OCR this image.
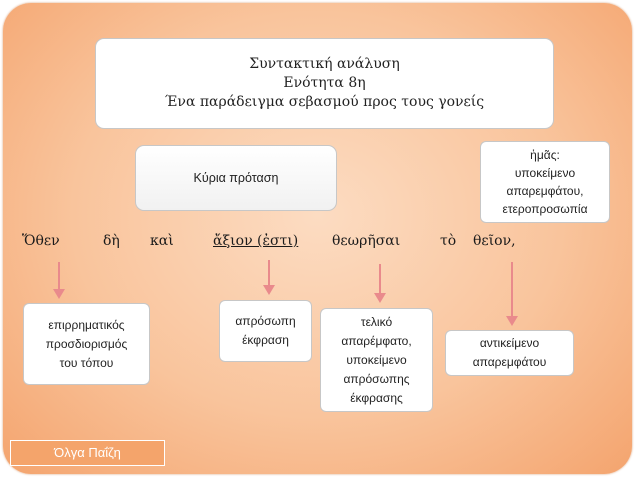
Συντακτική ανάλυση
Ενότητα 8η
Ένα παράδειγμα σεβασμού προς τους γονείς
Κύρια πρόταση
ἡμᾶς:
υποκείμενο
απαρεμφάτου,
ετεροπροσωπία
Ὅθεν	δὴ καὶ	ἄξιον (ἐστι) θεωρῆσαι	τὸ θεῖον,
επιρρηματικός
προσδιορισμός
του τόπου
απρόσωπη
έκφραση
τελικό
απαρέμφατο,
υποκείμενο
απρόσωπης
έκφρασης
αντικείμενο
απαρεμφάτου
Όλγα Παΐζη
